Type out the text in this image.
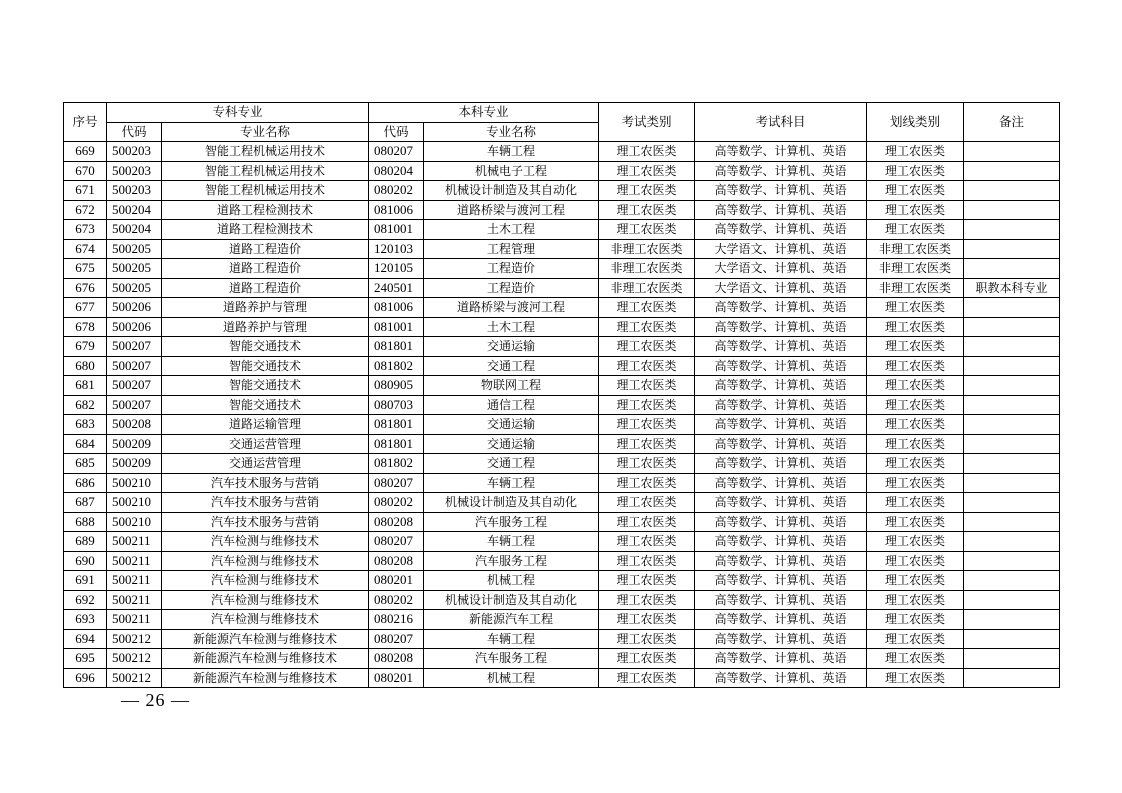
序号	专科专业		本科专业		考试类别	考试科目	划线类别	备注
	代码	专业名称	代码	专业名称				
669	500203	智能工程机械运用技术	080207	车辆工程	理工农医类	高等数学、计算机、英语	理工农医类	
670	500203	智能工程机械运用技术	080204	机械电子工程	理工农医类	高等数学、计算机、英语	理工农医类	
671	500203	智能工程机械运用技术	080202	机械设计制造及其自动化	理工农医类	高等数学、计算机、英语	理工农医类	
672	500204	道路工程检测技术	081006	道路桥梁与渡河工程	理工农医类	高等数学、计算机、英语	理工农医类	
673	500204	道路工程检测技术	081001	土木工程	理工农医类	高等数学、计算机、英语	理工农医类	
674	500205	道路工程造价	120103	工程管理	非理工农医类	大学语文、计算机、英语	非理工农医类	
675	500205	道路工程造价	120105	工程造价	非理工农医类	大学语文、计算机、英语	非理工农医类	
676	500205	道路工程造价	240501	工程造价	非理工农医类	大学语文、计算机、英语	非理工农医类	职教本科专业
677	500206	道路养护与管理	081006	道路桥梁与渡河工程	理工农医类	高等数学、计算机、英语	理工农医类	
678	500206	道路养护与管理	081001	土木工程	理工农医类	高等数学、计算机、英语	理工农医类	
679	500207	智能交通技术	081801	交通运输	理工农医类	高等数学、计算机、英语	理工农医类	
680	500207	智能交通技术	081802	交通工程	理工农医类	高等数学、计算机、英语	理工农医类	
681	500207	智能交通技术	080905	物联网工程	理工农医类	高等数学、计算机、英语	理工农医类	
682	500207	智能交通技术	080703	通信工程	理工农医类	高等数学、计算机、英语	理工农医类	
683	500208	道路运输管理	081801	交通运输	理工农医类	高等数学、计算机、英语	理工农医类	
684	500209	交通运营管理	081801	交通运输	理工农医类	高等数学、计算机、英语	理工农医类	
685	500209	交通运营管理	081802	交通工程	理工农医类	高等数学、计算机、英语	理工农医类	
686	500210	汽车技术服务与营销	080207	车辆工程	理工农医类	高等数学、计算机、英语	理工农医类	
687	500210	汽车技术服务与营销	080202	机械设计制造及其自动化	理工农医类	高等数学、计算机、英语	理工农医类	
688	500210	汽车技术服务与营销	080208	汽车服务工程	理工农医类	高等数学、计算机、英语	理工农医类	
689	500211	汽车检测与维修技术	080207	车辆工程	理工农医类	高等数学、计算机、英语	理工农医类	
690	500211	汽车检测与维修技术	080208	汽车服务工程	理工农医类	高等数学、计算机、英语	理工农医类	
691	500211	汽车检测与维修技术	080201	机械工程	理工农医类	高等数学、计算机、英语	理工农医类	
692	500211	汽车检测与维修技术	080202	机械设计制造及其自动化	理工农医类	高等数学、计算机、英语	理工农医类	
693	500211	汽车检测与维修技术	080216	新能源汽车工程	理工农医类	高等数学、计算机、英语	理工农医类	
694	500212	新能源汽车检测与维修技术	080207	车辆工程	理工农医类	高等数学、计算机、英语	理工农医类	
695	500212	新能源汽车检测与维修技术	080208	汽车服务工程	理工农医类	高等数学、计算机、英语	理工农医类	
696	500212	新能源汽车检测与维修技术	080201	机械工程	理工农医类	高等数学、计算机、英语	理工农医类	
— 26 —
